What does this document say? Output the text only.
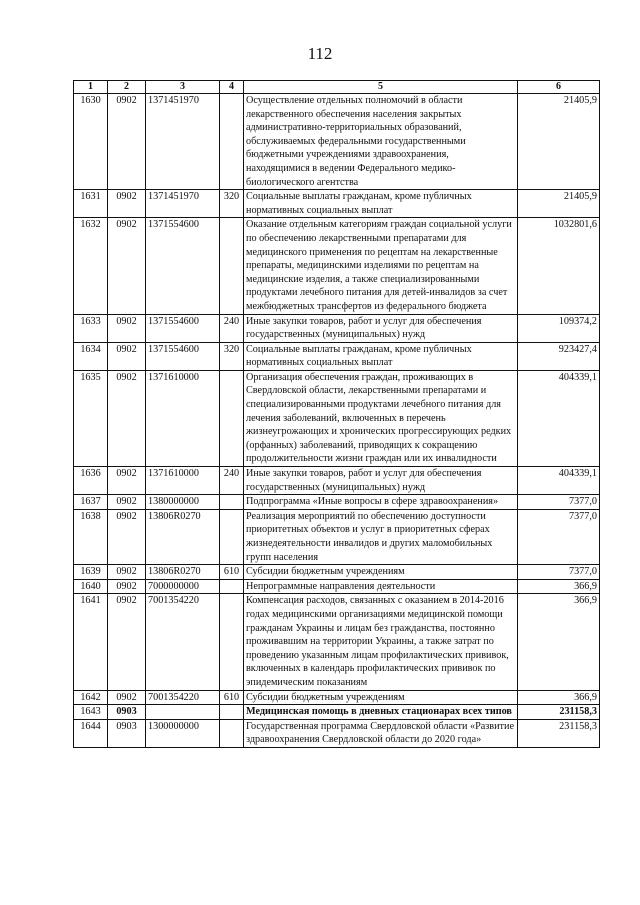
112
1	2	3	4	5	6
1630	0902	1371451970		Осуществление отдельных полномочий в области лекарственного обеспечения населения закрытых административно-территориальных образований, обслуживаемых федеральными государственными бюджетными учреждениями здравоохранения, находящимися в ведении Федерального медико-биологического агентства	21405,9
1631	0902	1371451970	320	Социальные выплаты гражданам, кроме публичных нормативных социальных выплат	21405,9
1632	0902	1371554600		Оказание отдельным категориям граждан социальной услуги по обеспечению лекарственными препаратами для медицинского применения по рецептам на лекарственные препараты, медицинскими изделиями по рецептам на медицинские изделия, а также специализированными продуктами лечебного питания для детей-инвалидов за счет межбюджетных трансфертов из федерального бюджета	1032801,6
1633	0902	1371554600	240	Иные закупки товаров, работ и услуг для обеспечения государственных (муниципальных) нужд	109374,2
1634	0902	1371554600	320	Социальные выплаты гражданам, кроме публичных нормативных социальных выплат	923427,4
1635	0902	1371610000		Организация обеспечения граждан, проживающих в Свердловской области, лекарственными препаратами и специализированными продуктами лечебного питания для лечения заболеваний, включенных в перечень жизнеугрожающих и хронических прогрессирующих редких (орфанных) заболеваний, приводящих к сокращению продолжительности жизни граждан или их инвалидности	404339,1
1636	0902	1371610000	240	Иные закупки товаров, работ и услуг для обеспечения государственных (муниципальных) нужд	404339,1
1637	0902	1380000000		Подпрограмма «Иные вопросы в сфере здравоохранения»	7377,0
1638	0902	13806R0270		Реализация мероприятий по обеспечению доступности приоритетных объектов и услуг в приоритетных сферах жизнедеятельности инвалидов и других маломобильных групп населения	7377,0
1639	0902	13806R0270	610	Субсидии бюджетным учреждениям	7377,0
1640	0902	7000000000		Непрограммные направления деятельности	366,9
1641	0902	7001354220		Компенсация расходов, связанных с оказанием в 2014-2016 годах медицинскими организациями медицинской помощи гражданам Украины и лицам без гражданства, постоянно проживавшим на территории Украины, а также затрат по проведению указанным лицам профилактических прививок, включенных в календарь профилактических прививок по эпидемическим показаниям	366,9
1642	0902	7001354220	610	Субсидии бюджетным учреждениям	366,9
1643	0903			Медицинская помощь в дневных стационарах всех типов	231158,3
1644	0903	1300000000		Государственная программа Свердловской области «Развитие здравоохранения Свердловской области до 2020 года»	231158,3
